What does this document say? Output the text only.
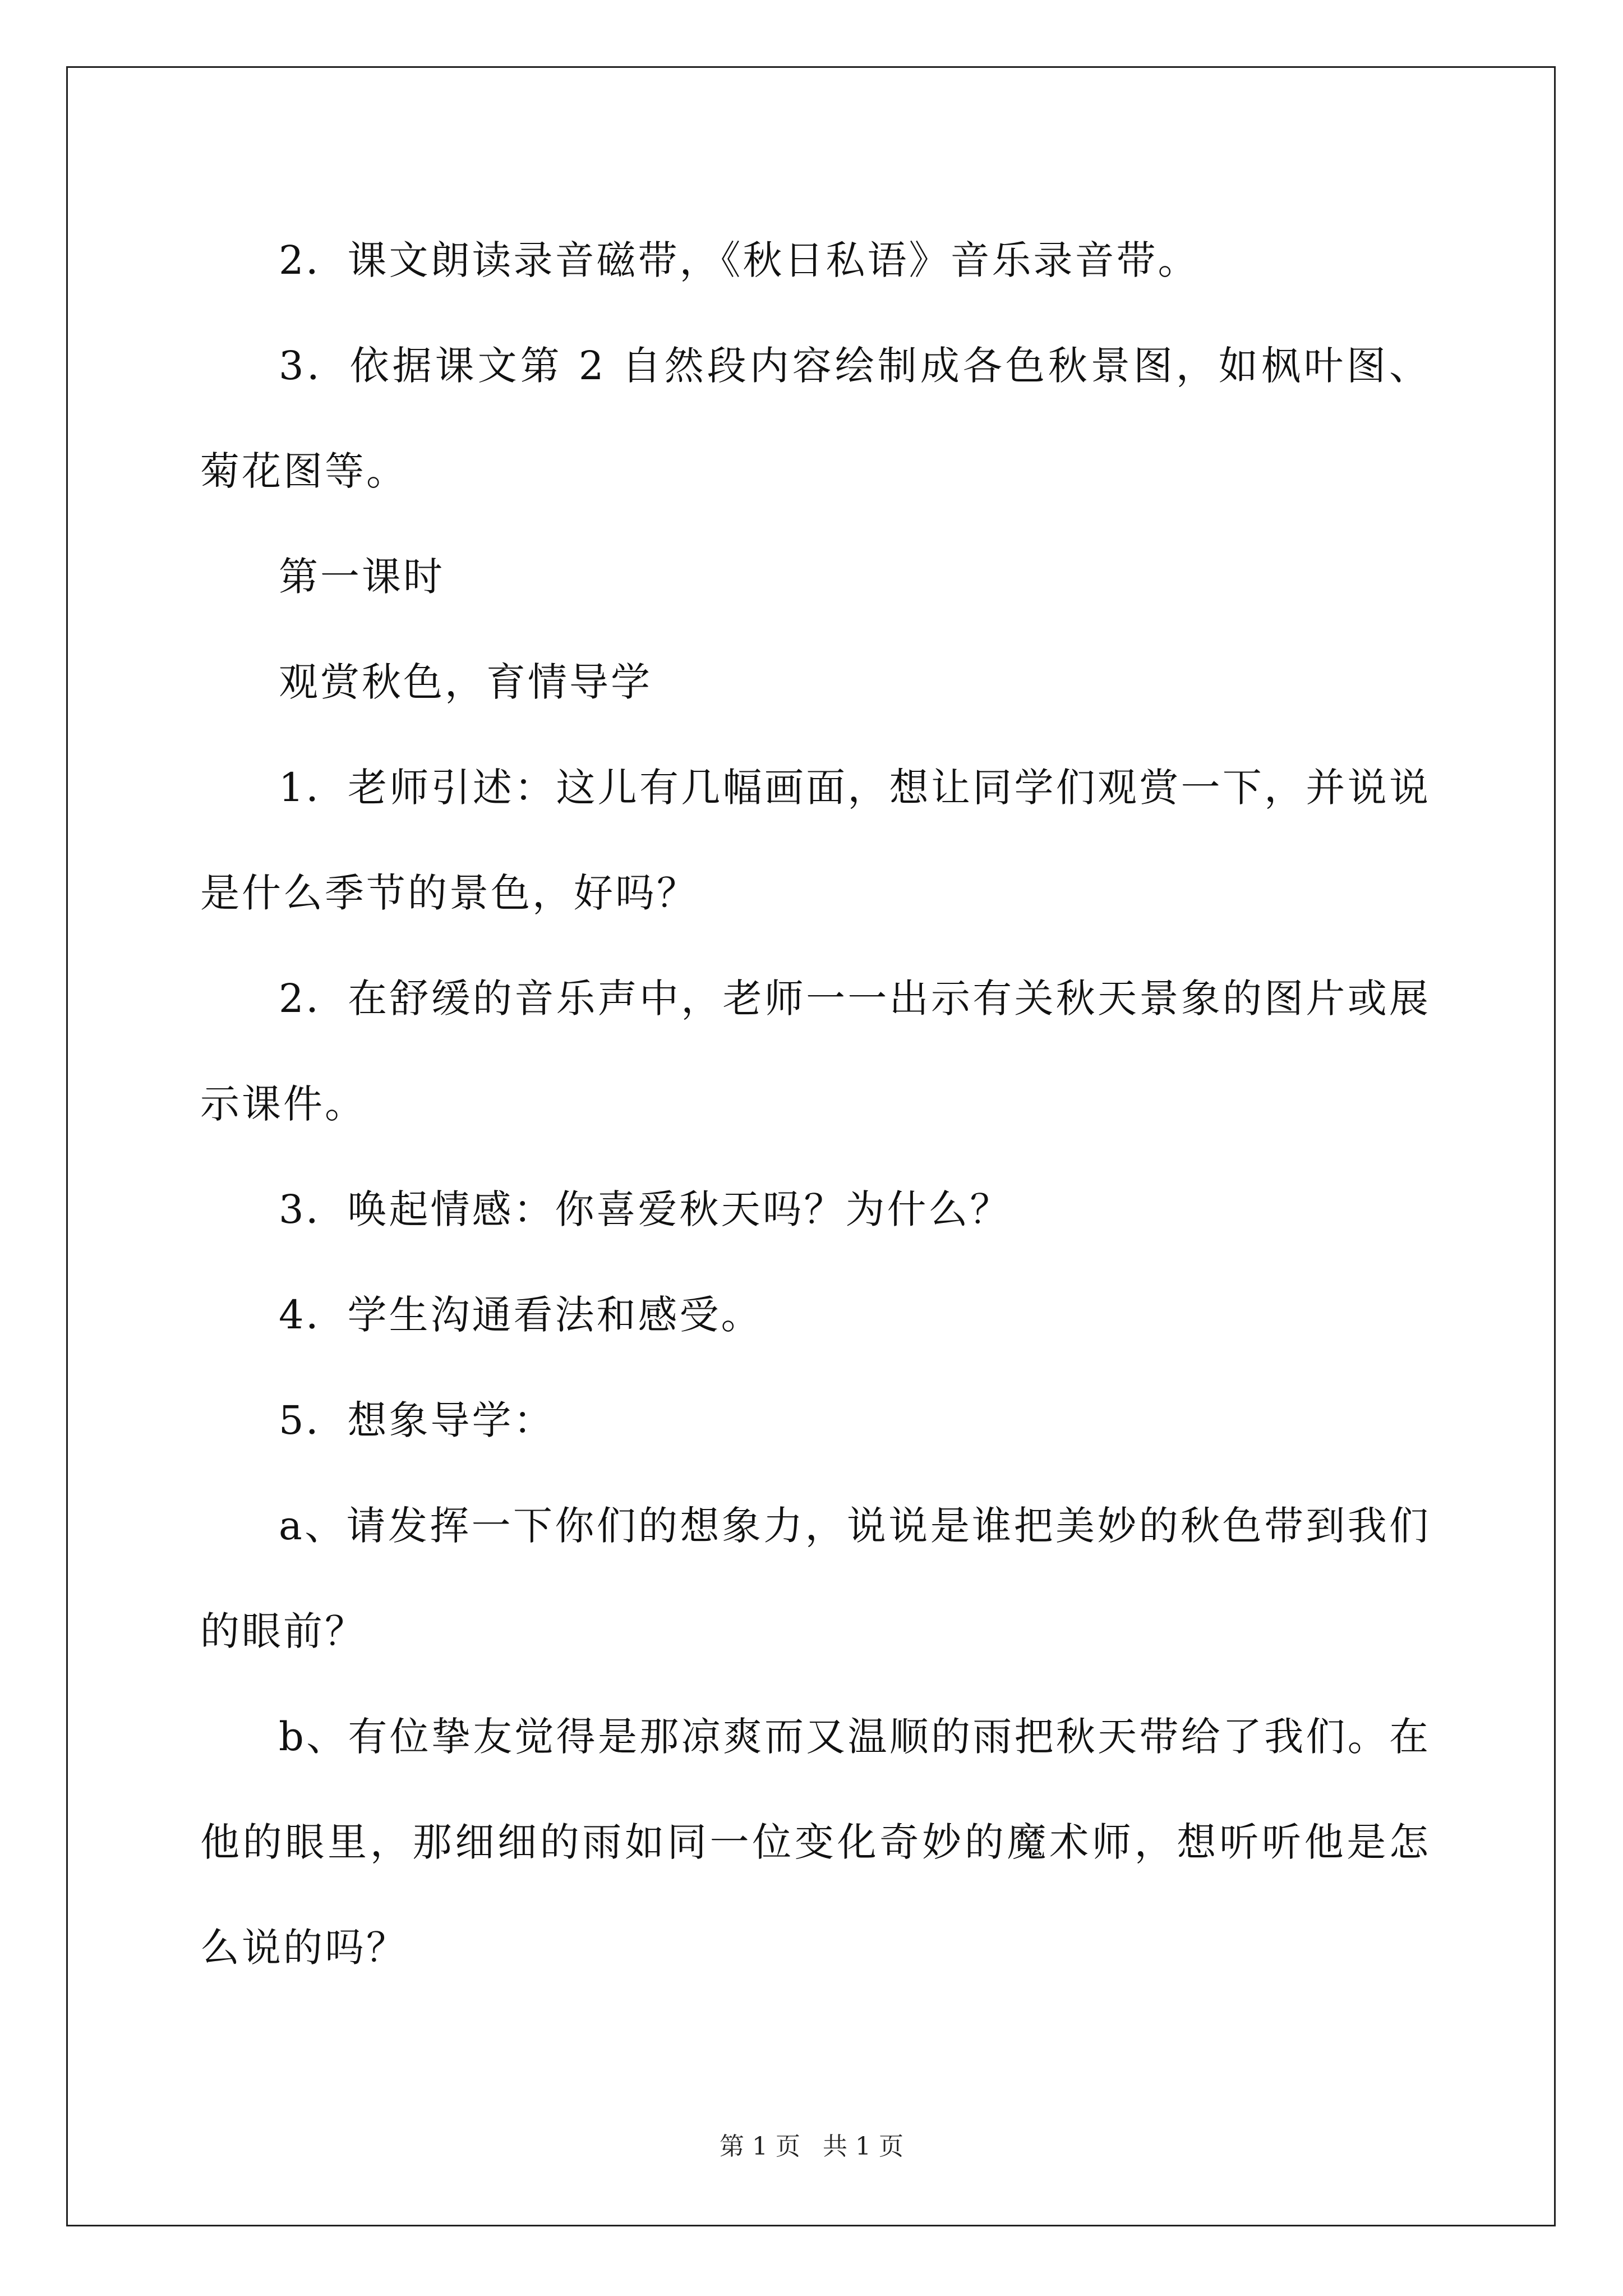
2．课文朗读录音磁带，《秋日私语》音乐录音带。

3．依据课文第 2 自然段内容绘制成各色秋景图，如枫叶图、菊花图等。

第一课时

观赏秋色，育情导学

1．老师引述：这儿有几幅画面，想让同学们观赏一下，并说说是什么季节的景色，好吗？

2．在舒缓的音乐声中，老师一一出示有关秋天景象的图片或展示课件。

3．唤起情感：你喜爱秋天吗？为什么？

4．学生沟通看法和感受。

5．想象导学：

a、请发挥一下你们的想象力，说说是谁把美妙的秋色带到我们的眼前？

b、有位挚友觉得是那凉爽而又温顺的雨把秋天带给了我们。在他的眼里，那细细的雨如同一位变化奇妙的魔术师，想听听他是怎么说的吗？

第 1 页 共 1 页
